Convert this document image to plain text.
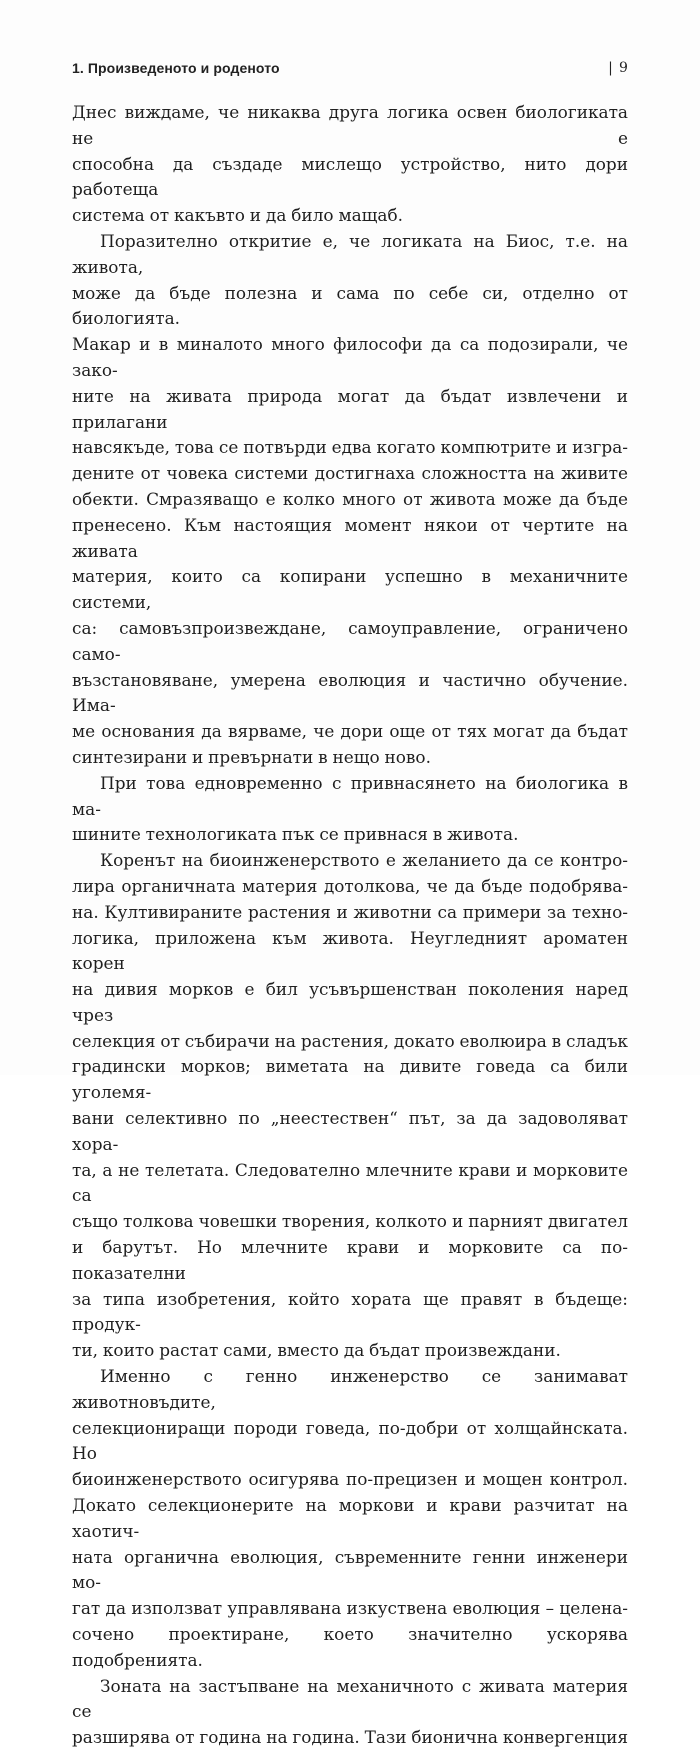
1. Произведеното и роденото	| 9

Днес виждаме, че никаква друга логика освен биологиката не е

способна да създаде мислещо устройство, нито дори работеща

система от какъвто и да било мащаб.

Поразително откритие е, че логиката на Биос, т.е. на живота,

може да бъде полезна и сама по себе си, отделно от биологията.

Макар и в миналото много философи да са подозирали, че зако-

ните на живата природа могат да бъдат извлечени и прилагани

навсякъде, това се потвърди едва когато компютрите и изгра-

дените от човека системи достигнаха сложността на живите

обекти. Смразяващо е колко много от живота може да бъде

пренесено. Към настоящия момент някои от чертите на живата

материя, които са копирани успешно в механичните системи,

са: самовъзпроизвеждане, самоуправление, ограничено само-

възстановяване, умерена еволюция и частично обучение. Има-

ме основания да вярваме, че дори още от тях могат да бъдат

синтезирани и превърнати в нещо ново.

При това едновременно с привнасянето на биологика в ма-

шините технологиката пък се привнася в живота.

Коренът на биоинженерството е желанието да се контро-

лира органичната материя дотолкова, че да бъде подобрява-

на. Култивираните растения и животни са примери за техно-

логика, приложена към живота. Неугледният ароматен корен

на дивия морков е бил усъвършенстван поколения наред чрез

селекция от събирачи на растения, докато еволюира в сладък

градински морков; виметата на дивите говеда са били уголемя-

вани селективно по „неестествен“ път, за да задоволяват хора-

та, а не телетата. Следователно млечните крави и морковите са

също толкова човешки творения, колкото и парният двигател

и барутът. Но млечните крави и морковите са по-показателни

за типа изобретения, който хората ще правят в бъдеще: продук-

ти, които растат сами, вместо да бъдат произвеждани.

Именно с генно инженерство се занимават животновъдите,

селекциониращи породи говеда, по-добри от холщайнската. Но

биоинженерството осигурява по-прецизен и мощен контрол.

Докато селекционерите на моркови и крави разчитат на хаотич-

ната органична еволюция, съвременните генни инженери мо-

гат да използват управлявана изкуствена еволюция – целена-

сочено проектиране, което значително ускорява подобренията.

Зоната на застъпване на механичното с живата материя се

разширява от година на година. Тази бионична конвергенция
